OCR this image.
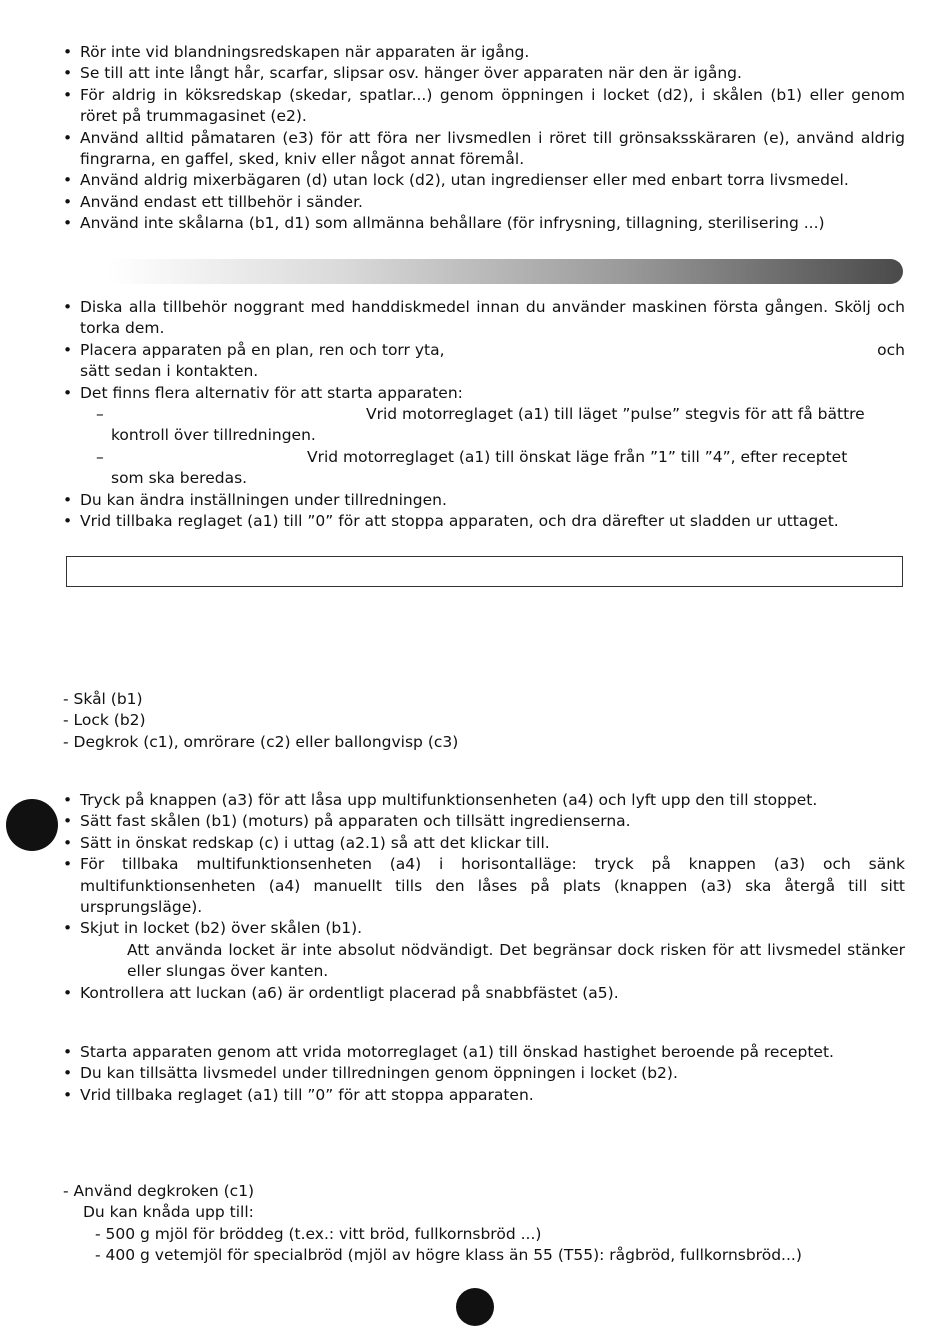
• Rör inte vid blandningsredskapen när apparaten är igång.
• Se till att inte långt hår, scarfar, slipsar osv. hänger över apparaten när den är igång.
• För aldrig in köksredskap (skedar, spatlar...) genom öppningen i locket (d2), i skålen (b1) eller genom röret på trummagasinet (e2).
• Använd alltid påmataren (e3) för att föra ner livsmedlen i röret till grönsaksskäraren (e), använd aldrig fingrarna, en gaffel, sked, kniv eller något annat föremål.
• Använd aldrig mixerbägaren (d) utan lock (d2), utan ingredienser eller med enbart torra livsmedel.
• Använd endast ett tillbehör i sänder.
• Använd inte skålarna (b1, d1) som allmänna behållare (för infrysning, tillagning, sterilisering ...)
• Diska alla tillbehör noggrant med handdiskmedel innan du använder maskinen första gången. Skölj och torka dem.
• Placera apparaten på en plan, ren och torr yta,	och

sätt sedan i kontakten.
• Det finns flera alternativ för att starta apparaten:
–	Vrid motorreglaget (a1) till läget ”pulse” stegvis för att få bättre
kontroll över tillredningen.
–	Vrid motorreglaget (a1) till önskat läge från ”1” till ”4”, efter receptet
som ska beredas.
• Du kan ändra inställningen under tillredningen.
• Vrid tillbaka reglaget (a1) till ”0” för att stoppa apparaten, och dra därefter ut sladden ur uttaget.
- Skål (b1)
- Lock (b2)
- Degkrok (c1), omrörare (c2) eller ballongvisp (c3)
• Tryck på knappen (a3) för att låsa upp multifunktionsenheten (a4) och lyft upp den till stoppet.
• Sätt fast skålen (b1) (moturs) på apparaten och tillsätt ingredienserna.
• Sätt in önskat redskap (c) i uttag (a2.1) så att det klickar till.
• För tillbaka multifunktionsenheten (a4) i horisontalläge: tryck på knappen (a3) och sänk multifunktionsenheten (a4) manuellt tills den låses på plats (knappen (a3) ska återgå till sitt ursprungsläge).
• Skjut in locket (b2) över skålen (b1).
Att använda locket är inte absolut nödvändigt. Det begränsar dock risken för att livsmedel stänker eller slungas över kanten.
• Kontrollera att luckan (a6) är ordentligt placerad på snabbfästet (a5).
• Starta apparaten genom att vrida motorreglaget (a1) till önskad hastighet beroende på receptet.
• Du kan tillsätta livsmedel under tillredningen genom öppningen i locket (b2).
• Vrid tillbaka reglaget (a1) till ”0” för att stoppa apparaten.
- Använd degkroken (c1)
Du kan knåda upp till:
- 500 g mjöl för bröddeg (t.ex.: vitt bröd, fullkornsbröd ...)
- 400 g vetemjöl för specialbröd (mjöl av högre klass än 55 (T55): rågbröd, fullkornsbröd...)
